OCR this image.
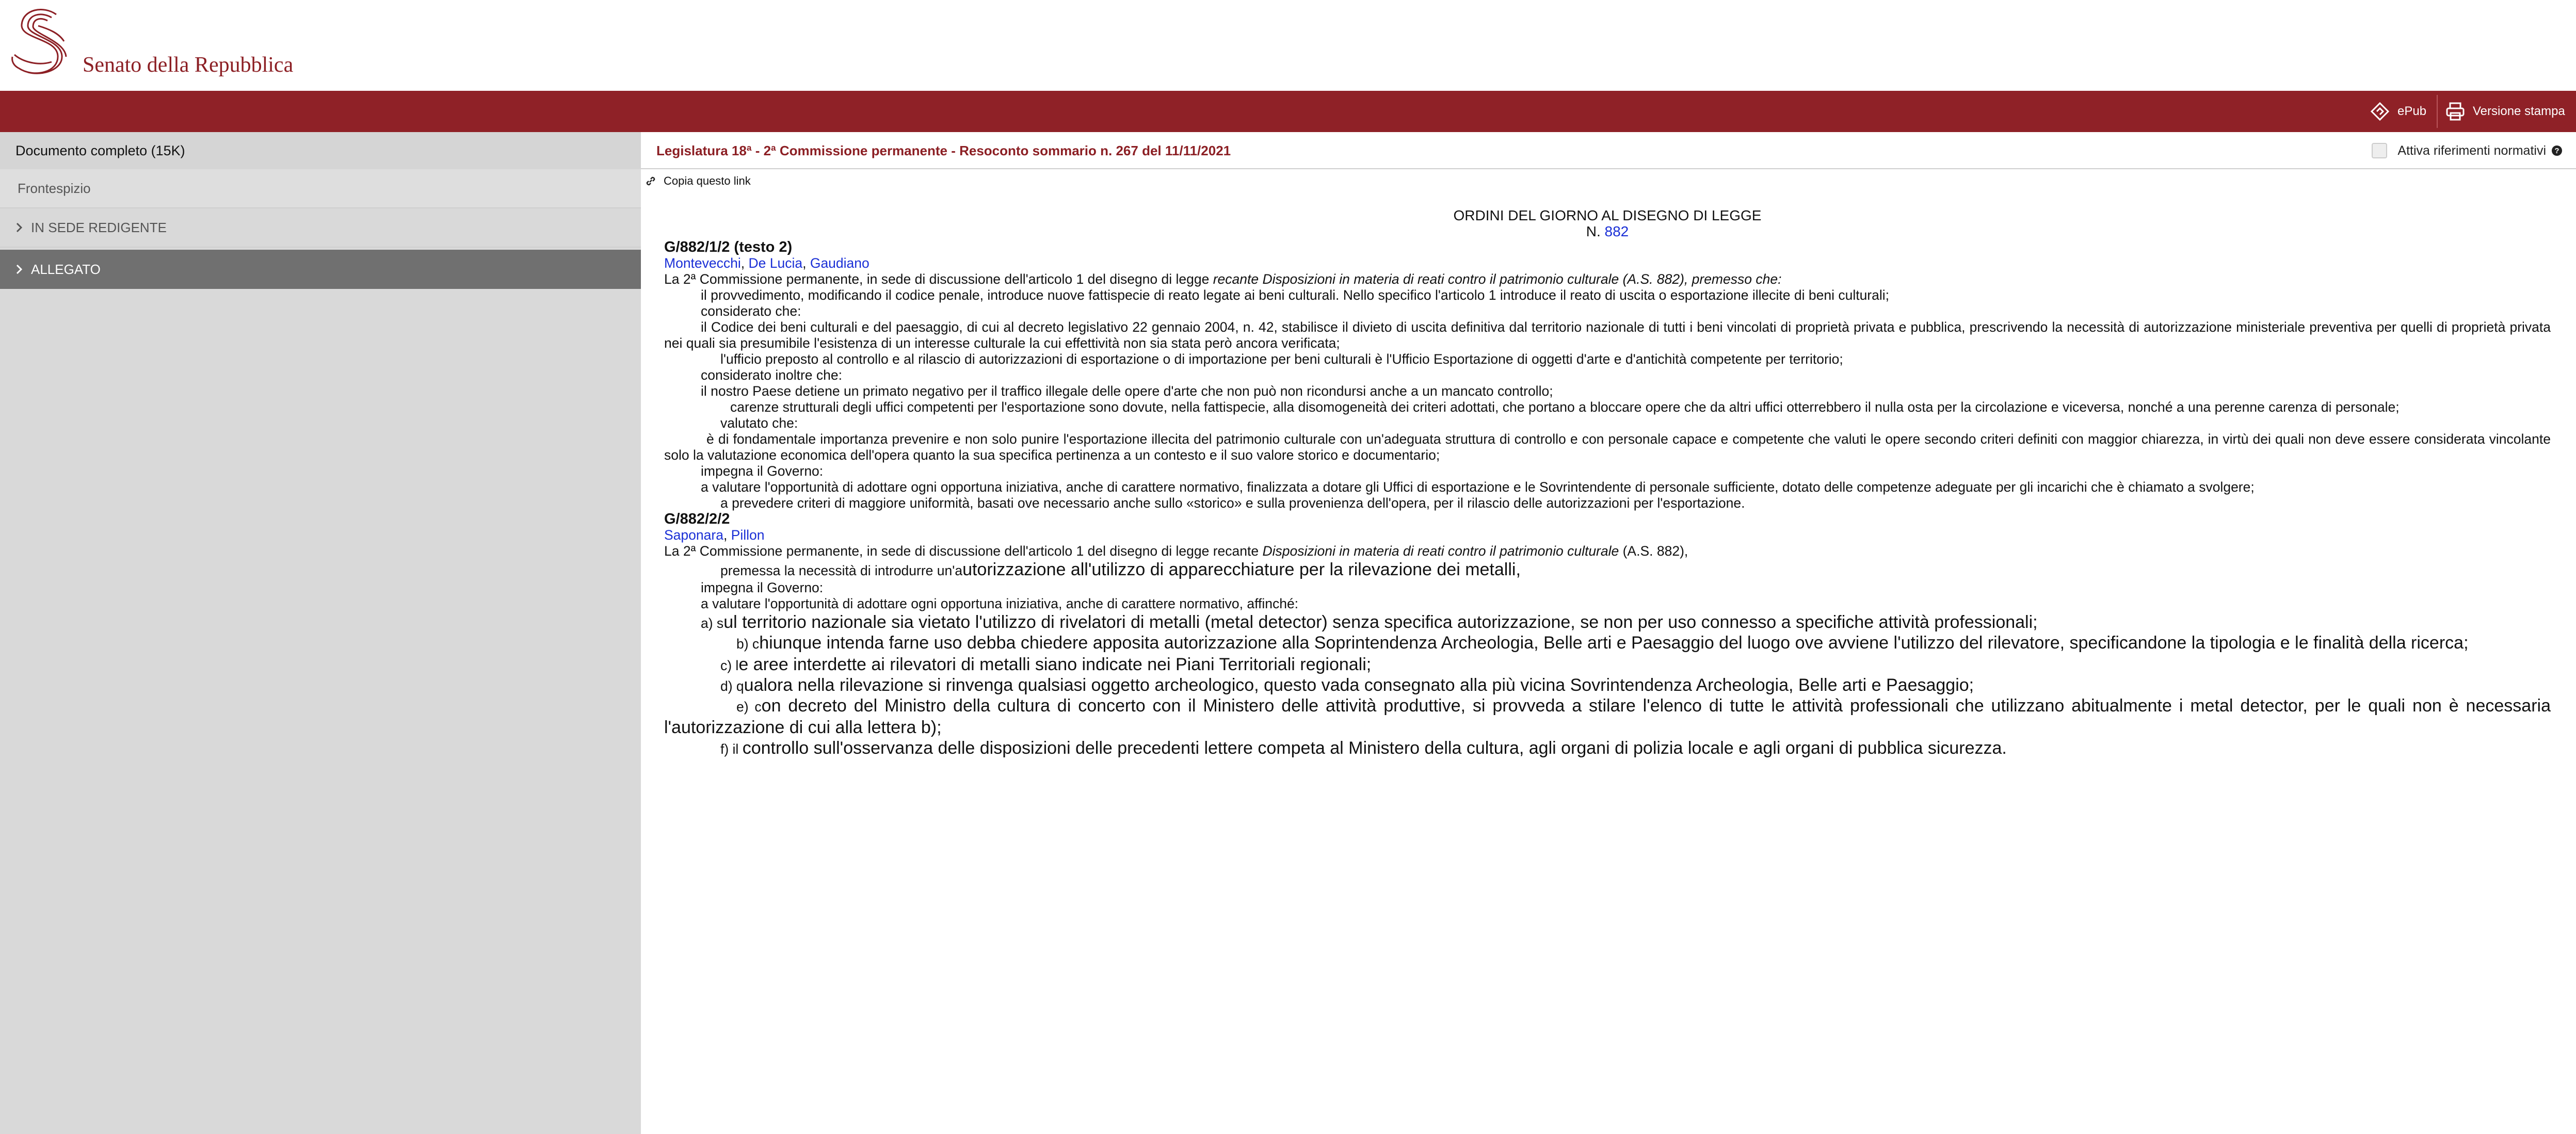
Senato della Repubblica
ePub	Versione stampa
Documento completo (15K)
Frontespizio
IN SEDE REDIGENTE
ALLEGATO
Legislatura 18ª - 2ª Commissione permanente - Resoconto sommario n. 267 del 11/11/2021	Attiva riferimenti normativi ?
Copia questo link

ORDINI DEL GIORNO AL DISEGNO DI LEGGE

N. 882

G/882/1/2 (testo 2)

Montevecchi, De Lucia, Gaudiano

La 2ª Commissione permanente, in sede di discussione dell'articolo 1 del disegno di legge recante Disposizioni in materia di reati contro il patrimonio culturale (A.S. 882), premesso che:

il provvedimento, modificando il codice penale, introduce nuove fattispecie di reato legate ai beni culturali. Nello specifico l'articolo 1 introduce il reato di uscita o esportazione illecite di beni culturali;

considerato che:

il Codice dei beni culturali e del paesaggio, di cui al decreto legislativo 22 gennaio 2004, n. 42, stabilisce il divieto di uscita definitiva dal territorio nazionale di tutti i beni vincolati di proprietà privata e pubblica, prescrivendo la necessità di autorizzazione ministeriale preventiva per quelli di proprietà privata nei quali sia presumibile l'esistenza di un interesse culturale la cui effettività non sia stata però ancora verificata;

l'ufficio preposto al controllo e al rilascio di autorizzazioni di esportazione o di importazione per beni culturali è l'Ufficio Esportazione di oggetti d'arte e d'antichità competente per territorio;

considerato inoltre che:

il nostro Paese detiene un primato negativo per il traffico illegale delle opere d'arte che non può non ricondursi anche a un mancato controllo;

carenze strutturali degli uffici competenti per l'esportazione sono dovute, nella fattispecie, alla disomogeneità dei criteri adottati, che portano a bloccare opere che da altri uffici otterrebbero il nulla osta per la circolazione e viceversa, nonché a una perenne carenza di personale;

valutato che:

è di fondamentale importanza prevenire e non solo punire l'esportazione illecita del patrimonio culturale con un'adeguata struttura di controllo e con personale capace e competente che valuti le opere secondo criteri definiti con maggior chiarezza, in virtù dei quali non deve essere considerata vincolante solo la valutazione economica dell'opera quanto la sua specifica pertinenza a un contesto e il suo valore storico e documentario;

impegna il Governo:

a valutare l'opportunità di adottare ogni opportuna iniziativa, anche di carattere normativo, finalizzata a dotare gli Uffici di esportazione e le Sovrintendente di personale sufficiente, dotato delle competenze adeguate per gli incarichi che è chiamato a svolgere;

a prevedere criteri di maggiore uniformità, basati ove necessario anche sullo «storico» e sulla provenienza dell'opera, per il rilascio delle autorizzazioni per l'esportazione.

G/882/2/2

Saponara, Pillon

La 2ª Commissione permanente, in sede di discussione dell'articolo 1 del disegno di legge recante Disposizioni in materia di reati contro il patrimonio culturale (A.S. 882),

premessa la necessità di introdurre un'autorizzazione all'utilizzo di apparecchiature per la rilevazione dei metalli,

impegna il Governo:

a valutare l'opportunità di adottare ogni opportuna iniziativa, anche di carattere normativo, affinché:

a) sul territorio nazionale sia vietato l'utilizzo di rivelatori di metalli (metal detector) senza specifica autorizzazione, se non per uso connesso a specifiche attività professionali;

b) chiunque intenda farne uso debba chiedere apposita autorizzazione alla Soprintendenza Archeologia, Belle arti e Paesaggio del luogo ove avviene l'utilizzo del rilevatore, specificandone la tipologia e le finalità della ricerca;

c) le aree interdette ai rilevatori di metalli siano indicate nei Piani Territoriali regionali;

d) qualora nella rilevazione si rinvenga qualsiasi oggetto archeologico, questo vada consegnato alla più vicina Sovrintendenza Archeologia, Belle arti e Paesaggio;

e) con decreto del Ministro della cultura di concerto con il Ministero delle attività produttive, si provveda a stilare l'elenco di tutte le attività professionali che utilizzano abitualmente i metal detector, per le quali non è necessaria l'autorizzazione di cui alla lettera b);

f) il controllo sull'osservanza delle disposizioni delle precedenti lettere competa al Ministero della cultura, agli organi di polizia locale e agli organi di pubblica sicurezza.
